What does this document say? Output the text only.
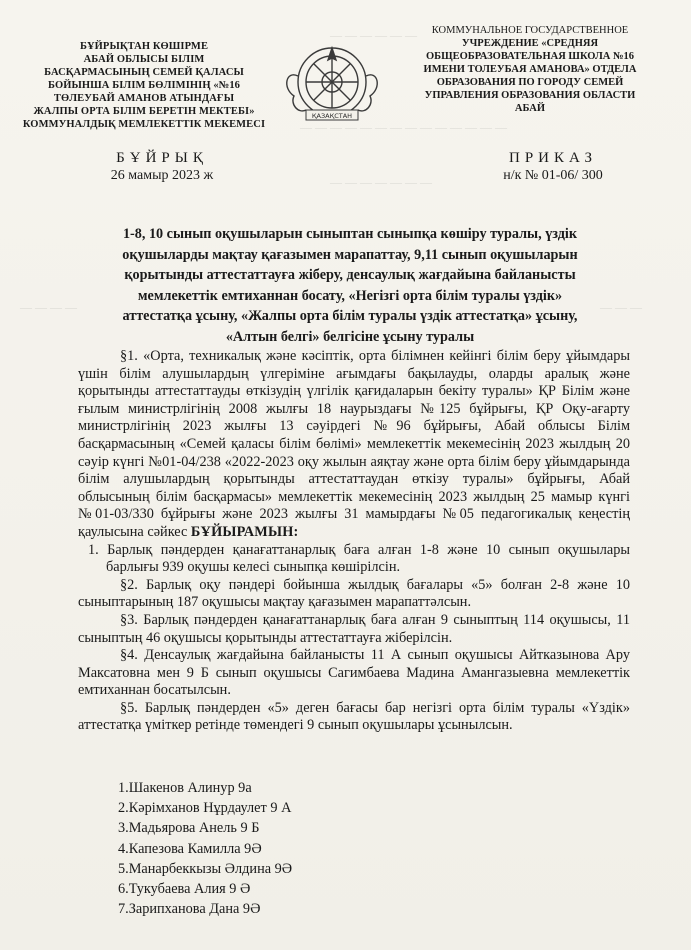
— — — — — —
— — — — — — — — — — — — — —
— — — — — — —
— — — —	— — —
БҰЙРЫҚТАН КӨШІРМЕ
АБАЙ ОБЛЫСЫ БІЛІМ
БАСҚАРМАСЫНЫҢ СЕМЕЙ ҚАЛАСЫ
БОЙЫНША БІЛІМ БӨЛІМІНІҢ «№16
ТӨЛЕУБАЙ АМАНОВ АТЫНДАҒЫ
ЖАЛПЫ ОРТА БІЛІМ БЕРЕТІН МЕКТЕБІ»
КОММУНАЛДЫҚ МЕМЛЕКЕТТІК МЕКЕМЕСІ
ҚАЗАҚСТАН
КОММУНАЛЬНОЕ ГОСУДАРСТВЕННОЕ
УЧРЕЖДЕНИЕ «СРЕДНЯЯ
ОБЩЕОБРАЗОВАТЕЛЬНАЯ ШКОЛА №16
ИМЕНИ ТОЛЕУБАЯ АМАНОВА» ОТДЕЛА
ОБРАЗОВАНИЯ ПО ГОРОДУ СЕМЕЙ
УПРАВЛЕНИЯ ОБРАЗОВАНИЯ ОБЛАСТИ
АБАЙ
БҰЙРЫҚ
26 мамыр 2023 ж
ПРИКАЗ
н/к № 01-06/ 300
1-8, 10 сынып оқушыларын сыныптан сыныпқа көшіру туралы, үздік
оқушыларды мақтау қағазымен марапаттау, 9,11 сынып оқушыларын
қорытынды аттестаттауға жіберу, денсаулық жағдайына байланысты
мемлекеттік емтиханнан босату, «Негізгі орта білім туралы үздік»
аттестатқа ұсыну, «Жалпы орта білім туралы үздік аттестатқа» ұсыну,
«Алтын белгі» белгісіне ұсыну туралы

§1. «Орта, техникалық және кәсіптік, орта білімнен кейінгі білім беру ұйымдары үшін білім алушылардың үлгерiмiне ағымдағы бақылауды, оларды аралық және қорытынды аттестаттауды өткізудің үлгілік қағидаларын бекіту туралы» ҚР Білім және ғылым министрлігінің 2008 жылғы 18 наурыздағы №125 бұйрығы, ҚР Оқу-ағарту министрлігінің 2023 жылғы 13 сәуірдегі №96 бұйрығы, Абай облысы Білім басқармасының «Семей қаласы білім бөлімі» мемлекеттік мекемесінің 2023 жылдың 20 сәуір күнгі №01-04/238 «2022-2023 оқу жылын аяқтау және орта білім беру ұйымдарында білім алушылардың қорытынды аттестаттаудан өткізу туралы» бұйрығы, Абай облысының білім басқармасы» мемлекеттік мекемесінің 2023 жылдың 25 мамыр күнгі №01-03/330 бұйрығы және 2023 жылғы 31 мамырдағы №05 педагогикалық кеңестің қаулысына сәйкес БҰЙЫРАМЫН:

1. Барлық пәндерден қанағаттанарлық баға алған 1-8 және 10 сынып оқушылары барлығы 939 оқушы келесі сыныпқа көшірілсін.

§2. Барлық оқу пәндері бойынша жылдық бағалары «5» болған 2-8 және 10 сыныптарының 187 оқушысы мақтау қағазымен марапаттәлсын.

§3. Барлық пәндерден қанағаттанарлық баға алған 9 сыныптың 114 оқушысы, 11 сыныптың 46 оқушысы қорытынды аттестаттауға жіберілсін.

§4. Денсаулық жағдайына байланысты 11 А сынып оқушысы Айтказынова Ару Максатовна мен 9 Б сынып оқушысы Сагимбаева Мадина Амангазыевна мемлекеттік емтиханнан босатылсын.

§5. Барлық пәндерден «5» деген бағасы бар негізгі орта білім туралы «Үздік» аттестатқа үміткер ретінде төмендегі 9 сынып оқушылары ұсынылсын.

1.Шакенов Алинур 9а
2.Кәрімханов Нұрдаулет 9 А
3.Мадьярова Анель 9 Б
4.Капезова Камилла 9Ә
5.Манарбеккызы Әлдина 9Ә
6.Тукубаева Алия 9 Ә
7.Зарипханова Дана 9Ә
